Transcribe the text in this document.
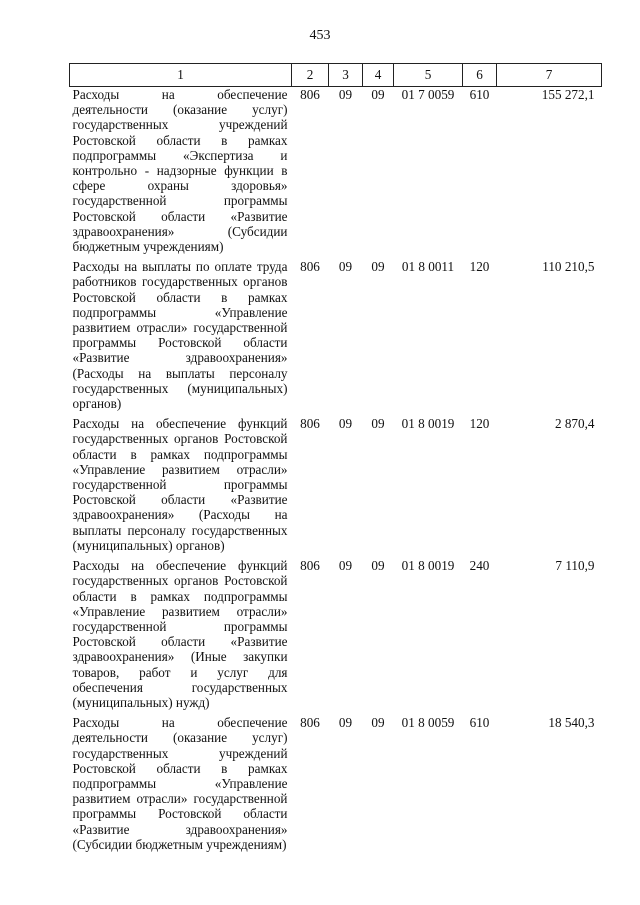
453
1	2	3	4	5	6	7
Расходы на обеспечение деятельности (оказание услуг) государственных учреждений Ростовской области в рамках подпрограммы «Экспертиза и контрольно - надзорные функции в сфере охраны здоровья» государственной программы Ростовской области «Развитие здравоохранения» (Субсидии бюджетным учреждениям)	806	09	09	01 7 0059	610	155 272,1
Расходы на выплаты по оплате труда работников государственных органов Ростовской области в рамках подпрограммы «Управление развитием отрасли» государственной программы Ростовской области «Развитие здравоохранения» (Расходы на выплаты персоналу государственных (муниципальных) органов)	806	09	09	01 8 0011	120	110 210,5
Расходы на обеспечение функций государственных органов Ростовской области в рамках подпрограммы «Управление развитием отрасли» государственной программы Ростовской области «Развитие здравоохранения» (Расходы на выплаты персоналу государственных (муниципальных) органов)	806	09	09	01 8 0019	120	2 870,4
Расходы на обеспечение функций государственных органов Ростовской области в рамках подпрограммы «Управление развитием отрасли» государственной программы Ростовской области «Развитие здравоохранения» (Иные закупки товаров, работ и услуг для обеспечения государственных (муниципальных) нужд)	806	09	09	01 8 0019	240	7 110,9
Расходы на обеспечение деятельности (оказание услуг) государственных учреждений Ростовской области в рамках подпрограммы «Управление развитием отрасли» государственной программы Ростовской области «Развитие здравоохранения» (Субсидии бюджетным учреждениям)	806	09	09	01 8 0059	610	18 540,3
